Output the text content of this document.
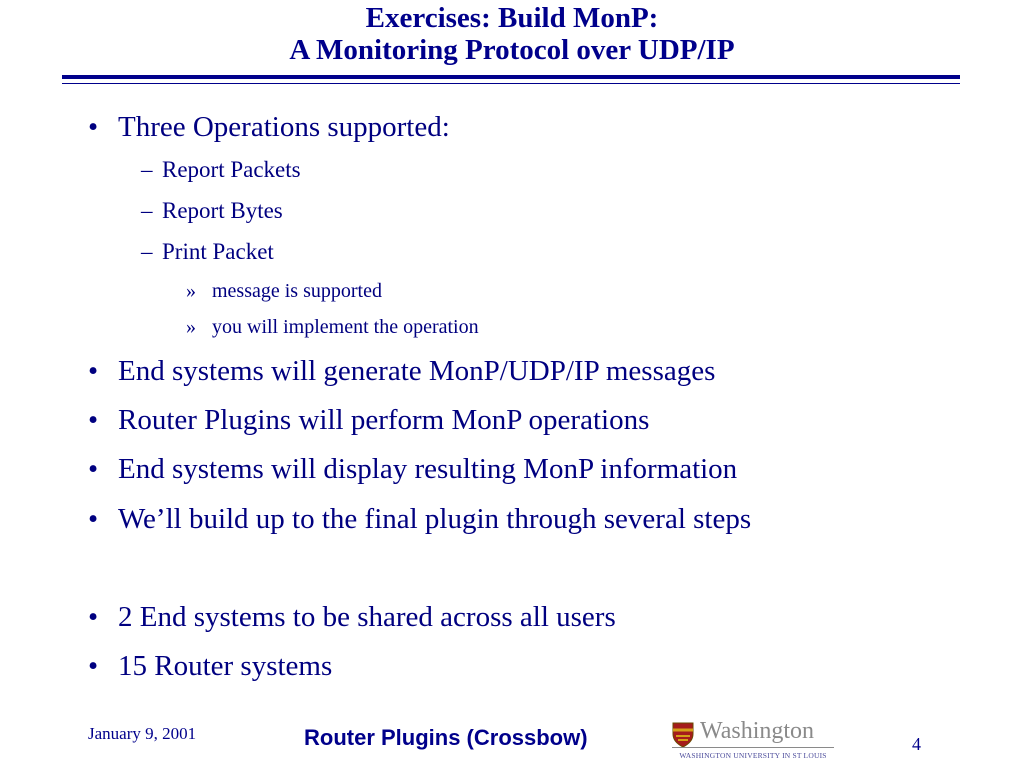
Exercises: Build MonP:
A Monitoring Protocol over UDP/IP
• Three Operations supported:
– Report Packets
– Report Bytes
– Print Packet
» message is supported
» you will implement the operation
• End systems will generate MonP/UDP/IP messages
• Router Plugins will perform MonP operations
• End systems will display resulting MonP information
• We’ll build up to the final plugin through several steps
• 2 End systems to be shared across all users
• 15 Router systems
January 9, 2001	Router Plugins (Crossbow)	Washington
WASHINGTON UNIVERSITY IN ST LOUIS
4
